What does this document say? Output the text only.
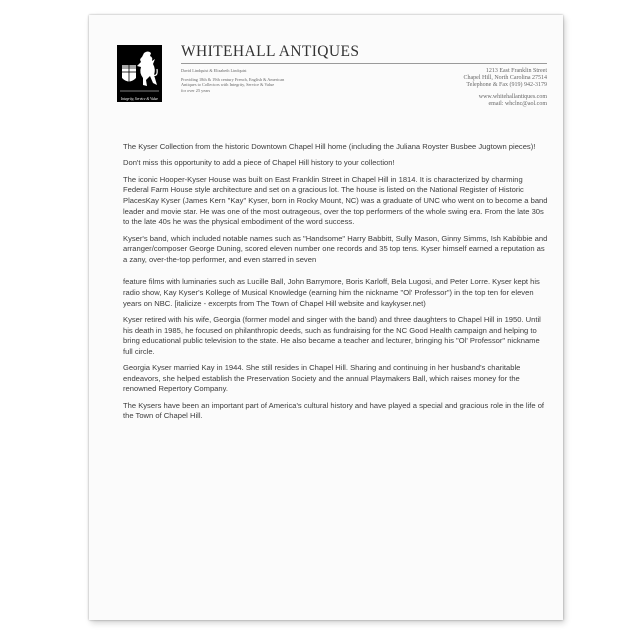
Integrity, Service & Value
WHITEHALL ANTIQUES
David Lindquist & Elizabeth Lindquist
Providing 18th & 19th century French, English & American
Antiques to Collectors with Integrity, Service & Value
for over 25 years
1213 East Franklin Street
Chapel Hill, North Carolina 27514
Telephone & Fax (919) 942-3179
www.whitehallantiques.com
email: whclnc@aol.com

The Kyser Collection from the historic Downtown Chapel Hill home (including the Juliana Royster Busbee Jugtown pieces)!

Don't miss this opportunity to add a piece of Chapel Hill history to your collection!

The iconic Hooper-Kyser House was built on East Franklin Street in Chapel Hill in 1814. It is characterized by charming Federal Farm House style architecture and set on a gracious lot. The house is listed on the National Register of Historic PlacesKay Kyser (James Kern "Kay" Kyser, born in Rocky Mount, NC) was a graduate of UNC who went on to become a band leader and movie star. He was one of the most outrageous, over the top performers of the whole swing era. From the late 30s to the late 40s he was the physical embodiment of the word success.

Kyser's band, which included notable names such as "Handsome" Harry Babbitt, Sully Mason, Ginny Simms, Ish Kabibbie and arranger/composer George Duning, scored eleven number one records and 35 top tens. Kyser himself earned a reputation as a zany, over-the-top performer, and even starred in seven

feature films with luminaries such as Lucille Ball, John Barrymore, Boris Karloff, Bela Lugosi, and Peter Lorre. Kyser kept his radio show, Kay Kyser's Kollege of Musical Knowledge (earning him the nickname "Ol' Professor") in the top ten for eleven years on NBC. [italicize - excerpts from The Town of Chapel Hill website and kaykyser.net)

Kyser retired with his wife, Georgia (former model and singer with the band) and three daughters to Chapel Hill in 1950. Until his death in 1985, he focused on philanthropic deeds, such as fundraising for the NC Good Health campaign and helping to bring educational public television to the state. He also became a teacher and lecturer, bringing his "Ol' Professor" nickname full circle.

Georgia Kyser married Kay in 1944. She still resides in Chapel Hill. Sharing and continuing in her husband's charitable endeavors, she helped establish the Preservation Society and the annual Playmakers Ball, which raises money for the renowned Repertory Company.

The Kysers have been an important part of America's cultural history and have played a special and gracious role in the life of the Town of Chapel Hill.
